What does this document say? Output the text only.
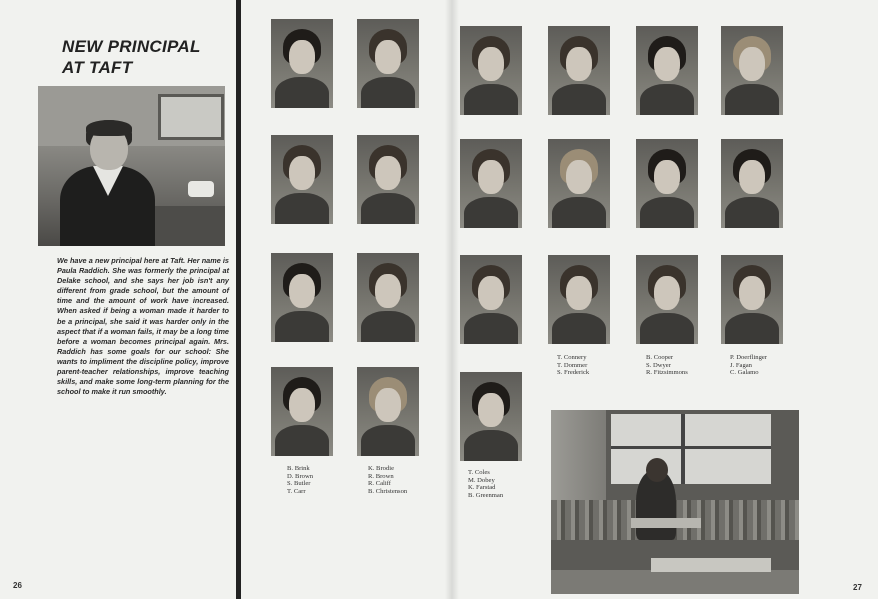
NEW PRINCIPAL
AT TAFT

We have a new principal here at Taft. Her name is Paula Raddich. She was formerly the principal at Delake school, and she says her job isn't any different from grade school, but the amount of time and the amount of work have increased. When asked if being a woman made it harder to be a principal, she said it was harder only in the aspect that if a woman fails, it may be a long time before a woman becomes principal again. Mrs. Raddich has some goals for our school: She wants to impliment the discipline policy, improve parent-teacher relationships, improve teaching skills, and make some long-term planning for the school to make it run smoothly.

26

B. Brink
D. Brown
S. Butler
T. Carr

K. Brodie
R. Brown
R. Califf
B. Christenson

T. Coles
M. Dobey
K. Farstad
B. Greenman

T. Connery
T. Dommer
S. Frederick

B. Cooper
S. Dwyer
R. Fitzsimmons

P. Doerflinger
J. Fagan
C. Galamo

27
